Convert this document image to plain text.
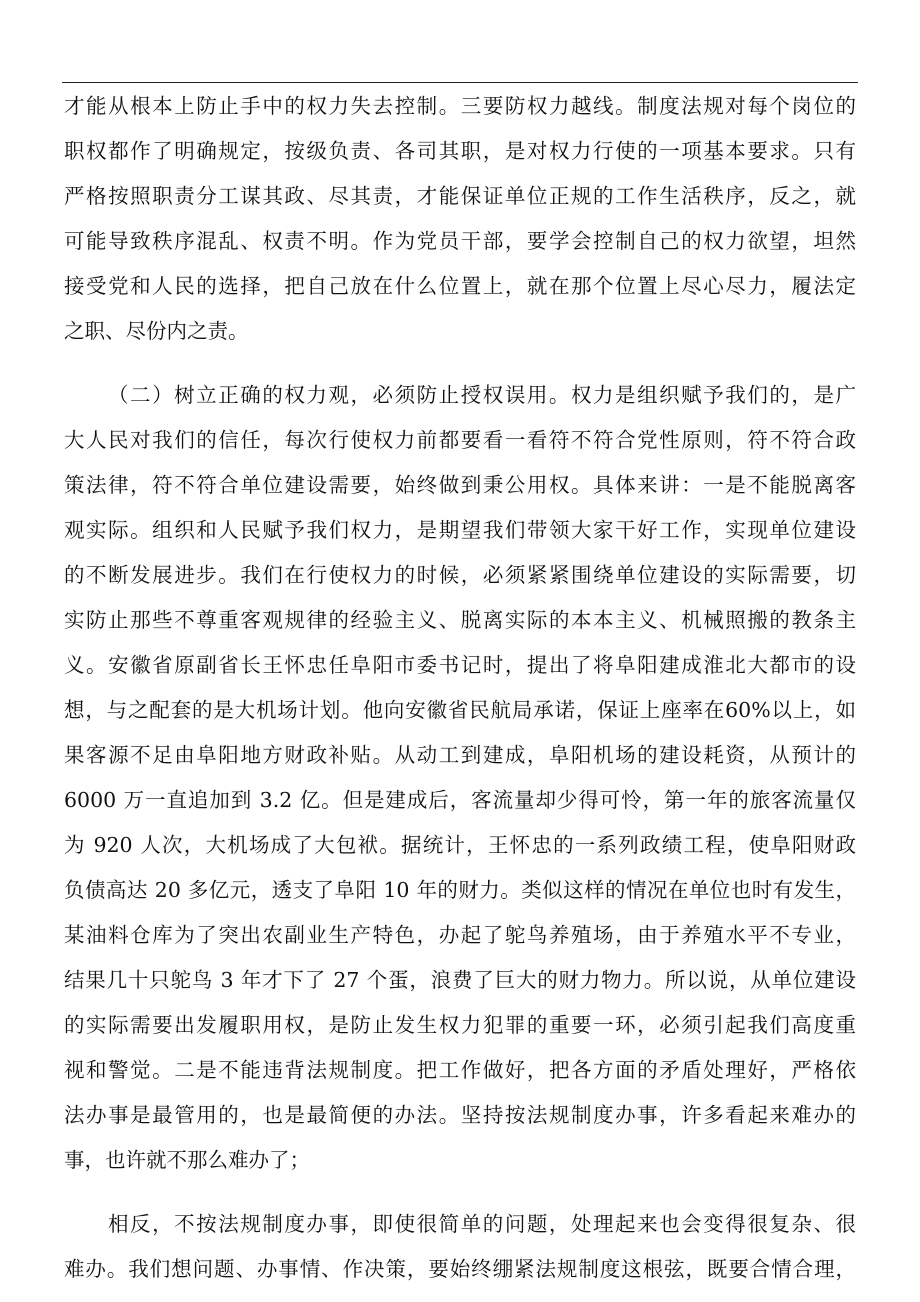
才能从根本上防止手中的权力失去控制。三要防权力越线。制度法规对每个岗位的
职权都作了明确规定，按级负责、各司其职，是对权力行使的一项基本要求。只有
严格按照职责分工谋其政、尽其责，才能保证单位正规的工作生活秩序，反之，就
可能导致秩序混乱、权责不明。作为党员干部，要学会控制自己的权力欲望，坦然
接受党和人民的选择，把自己放在什么位置上，就在那个位置上尽心尽力，履法定
之职、尽份内之责。
（二）树立正确的权力观，必须防止授权误用。权力是组织赋予我们的，是广
大人民对我们的信任，每次行使权力前都要看一看符不符合党性原则，符不符合政
策法律，符不符合单位建设需要，始终做到秉公用权。具体来讲：一是不能脱离客
观实际。组织和人民赋予我们权力，是期望我们带领大家干好工作，实现单位建设
的不断发展进步。我们在行使权力的时候，必须紧紧围绕单位建设的实际需要，切
实防止那些不尊重客观规律的经验主义、脱离实际的本本主义、机械照搬的教条主
义。安徽省原副省长王怀忠任阜阳市委书记时，提出了将阜阳建成淮北大都市的设
想，与之配套的是大机场计划。他向安徽省民航局承诺，保证上座率在60%以上，如
果客源不足由阜阳地方财政补贴。从动工到建成，阜阳机场的建设耗资，从预计的
6000 万一直追加到 3.2 亿。但是建成后，客流量却少得可怜，第一年的旅客流量仅
为 920 人次，大机场成了大包袱。据统计，王怀忠的一系列政绩工程，使阜阳财政
负债高达 20 多亿元，透支了阜阳 10 年的财力。类似这样的情况在单位也时有发生，
某油料仓库为了突出农副业生产特色，办起了鸵鸟养殖场，由于养殖水平不专业，
结果几十只鸵鸟 3 年才下了 27 个蛋，浪费了巨大的财力物力。所以说，从单位建设
的实际需要出发履职用权，是防止发生权力犯罪的重要一环，必须引起我们高度重
视和警觉。二是不能违背法规制度。把工作做好，把各方面的矛盾处理好，严格依
法办事是最管用的，也是最简便的办法。坚持按法规制度办事，许多看起来难办的
事，也许就不那么难办了；
相反，不按法规制度办事，即使很简单的问题，处理起来也会变得很复杂、很
难办。我们想问题、办事情、作决策，要始终绷紧法规制度这根弦，既要合情合理，
